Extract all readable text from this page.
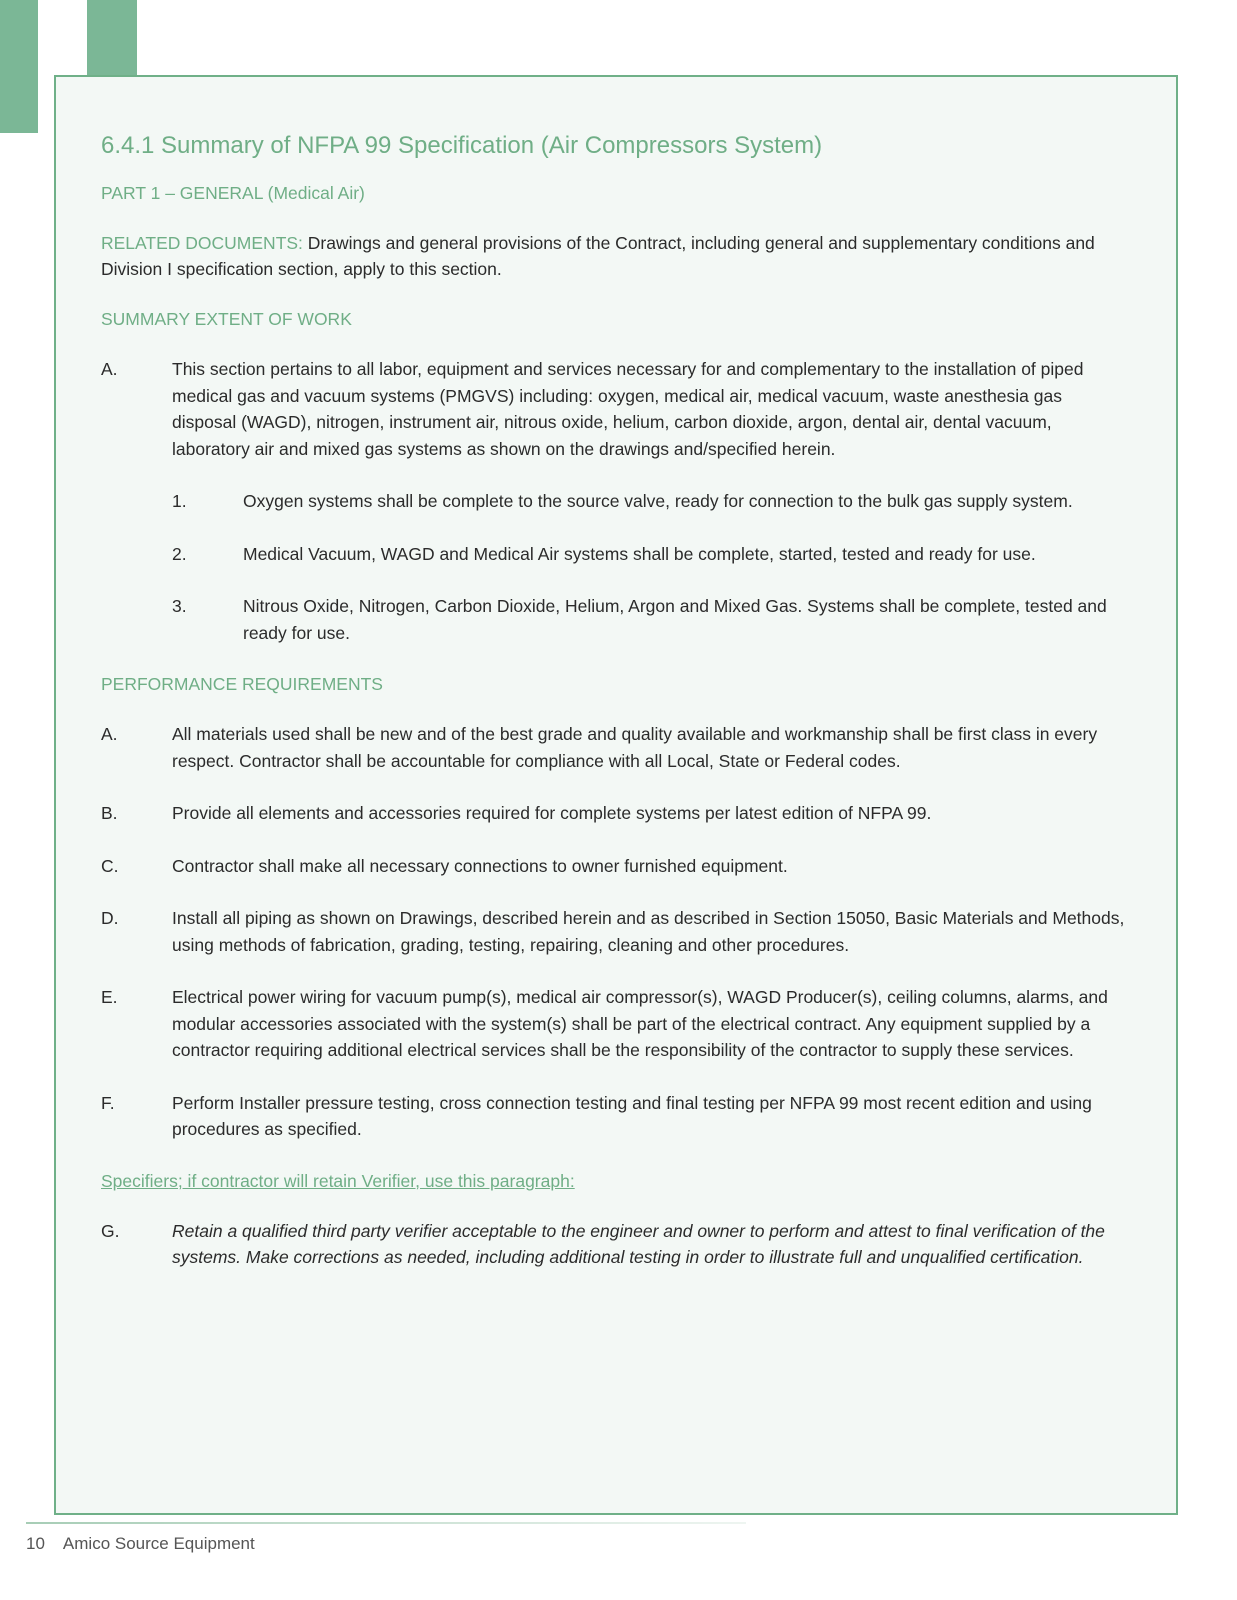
6.4.1 Summary of NFPA 99 Specification (Air Compressors System)
PART 1 – GENERAL (Medical Air)
RELATED DOCUMENTS: Drawings and general provisions of the Contract, including general and supplementary conditions and Division I specification section, apply to this section.
SUMMARY EXTENT OF WORK
A.	This section pertains to all labor, equipment and services necessary for and complementary to the installation of piped medical gas and vacuum systems (PMGVS) including: oxygen, medical air, medical vacuum, waste anesthesia gas disposal (WAGD), nitrogen, instrument air, nitrous oxide, helium, carbon dioxide, argon, dental air, dental vacuum, laboratory air and mixed gas systems as shown on the drawings and/specified herein.
1.	Oxygen systems shall be complete to the source valve, ready for connection to the bulk gas supply system.
2.	Medical Vacuum, WAGD and Medical Air systems shall be complete, started, tested and ready for use.
3.	Nitrous Oxide, Nitrogen, Carbon Dioxide, Helium, Argon and Mixed Gas. Systems shall be complete, tested and ready for use.
PERFORMANCE REQUIREMENTS
A.	All materials used shall be new and of the best grade and quality available and workmanship shall be first class in every respect. Contractor shall be accountable for compliance with all Local, State or Federal codes.
B.	Provide all elements and accessories required for complete systems per latest edition of NFPA 99.
C.	Contractor shall make all necessary connections to owner furnished equipment.
D.	Install all piping as shown on Drawings, described herein and as described in Section 15050, Basic Materials and Methods, using methods of fabrication, grading, testing, repairing, cleaning and other procedures.
E.	Electrical power wiring for vacuum pump(s), medical air compressor(s), WAGD Producer(s), ceiling columns, alarms, and modular accessories associated with the system(s) shall be part of the electrical contract. Any equipment supplied by a contractor requiring additional electrical services shall be the responsibility of the contractor to supply these services.
F.	Perform Installer pressure testing, cross connection testing and final testing per NFPA 99 most recent edition and using procedures as specified.
Specifiers; if contractor will retain Verifier, use this paragraph:
G.	Retain a qualified third party verifier acceptable to the engineer and owner to perform and attest to final verification of the systems. Make corrections as needed, including additional testing in order to illustrate full and unqualified certification.
10 Amico Source Equipment
